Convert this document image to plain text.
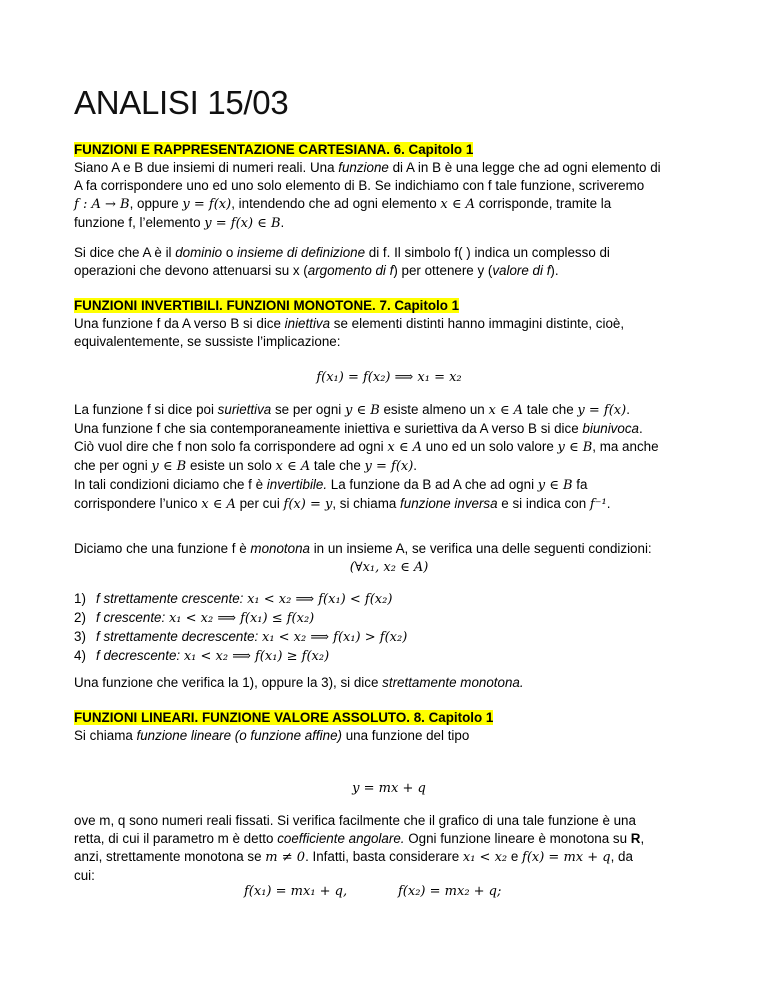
ANALISI 15/03
FUNZIONI E RAPPRESENTAZIONE CARTESIANA. 6. Capitolo 1
Siano A e B due insiemi di numeri reali. Una funzione di A in B è una legge che ad ogni elemento di
A fa corrispondere uno ed uno solo elemento di B. Se indichiamo con f tale funzione, scriveremo
f : A → B, oppure y = f(x), intendendo che ad ogni elemento x ∈ A corrisponde, tramite la
funzione f, l’elemento y = f(x) ∈ B.
Si dice che A è il dominio o insieme di definizione di f. Il simbolo f( ) indica un complesso di
operazioni che devono attenuarsi su x (argomento di f) per ottenere y (valore di f).
FUNZIONI INVERTIBILI. FUNZIONI MONOTONE. 7. Capitolo 1
Una funzione f da A verso B si dice iniettiva se elementi distinti hanno immagini distinte, cioè,
equivalentemente, se sussiste l’implicazione:
f(x₁) = f(x₂) ⟹ x₁ = x₂
La funzione f si dice poi suriettiva se per ogni y ∈ B esiste almeno un x ∈ A tale che y = f(x).
Una funzione f che sia contemporaneamente iniettiva e suriettiva da A verso B si dice biunivoca.
Ciò vuol dire che f non solo fa corrispondere ad ogni x ∈ A uno ed un solo valore y ∈ B, ma anche
che per ogni y ∈ B esiste un solo x ∈ A tale che y = f(x).
In tali condizioni diciamo che f è invertibile. La funzione da B ad A che ad ogni y ∈ B fa
corrispondere l’unico x ∈ A per cui f(x) = y, si chiama funzione inversa e si indica con f⁻¹.
Diciamo che una funzione f è monotona in un insieme A, se verifica una delle seguenti condizioni:
(∀x₁, x₂ ∈ A)
1) f strettamente crescente: x₁ < x₂ ⟹ f(x₁) < f(x₂)
2) f crescente: x₁ < x₂ ⟹ f(x₁) ≤ f(x₂)
3) f strettamente decrescente: x₁ < x₂ ⟹ f(x₁) > f(x₂)
4) f decrescente: x₁ < x₂ ⟹ f(x₁) ≥ f(x₂)
Una funzione che verifica la 1), oppure la 3), si dice strettamente monotona.
FUNZIONI LINEARI. FUNZIONE VALORE ASSOLUTO. 8. Capitolo 1
Si chiama funzione lineare (o funzione affine) una funzione del tipo
y = mx + q
ove m, q sono numeri reali fissati. Si verifica facilmente che il grafico di una tale funzione è una
retta, di cui il parametro m è detto coefficiente angolare. Ogni funzione lineare è monotona su R,
anzi, strettamente monotona se m ≠ 0. Infatti, basta considerare x₁ < x₂ e f(x) = mx + q, da
cui:
f(x₁) = mx₁ + q,	f(x₂) = mx₂ + q;
